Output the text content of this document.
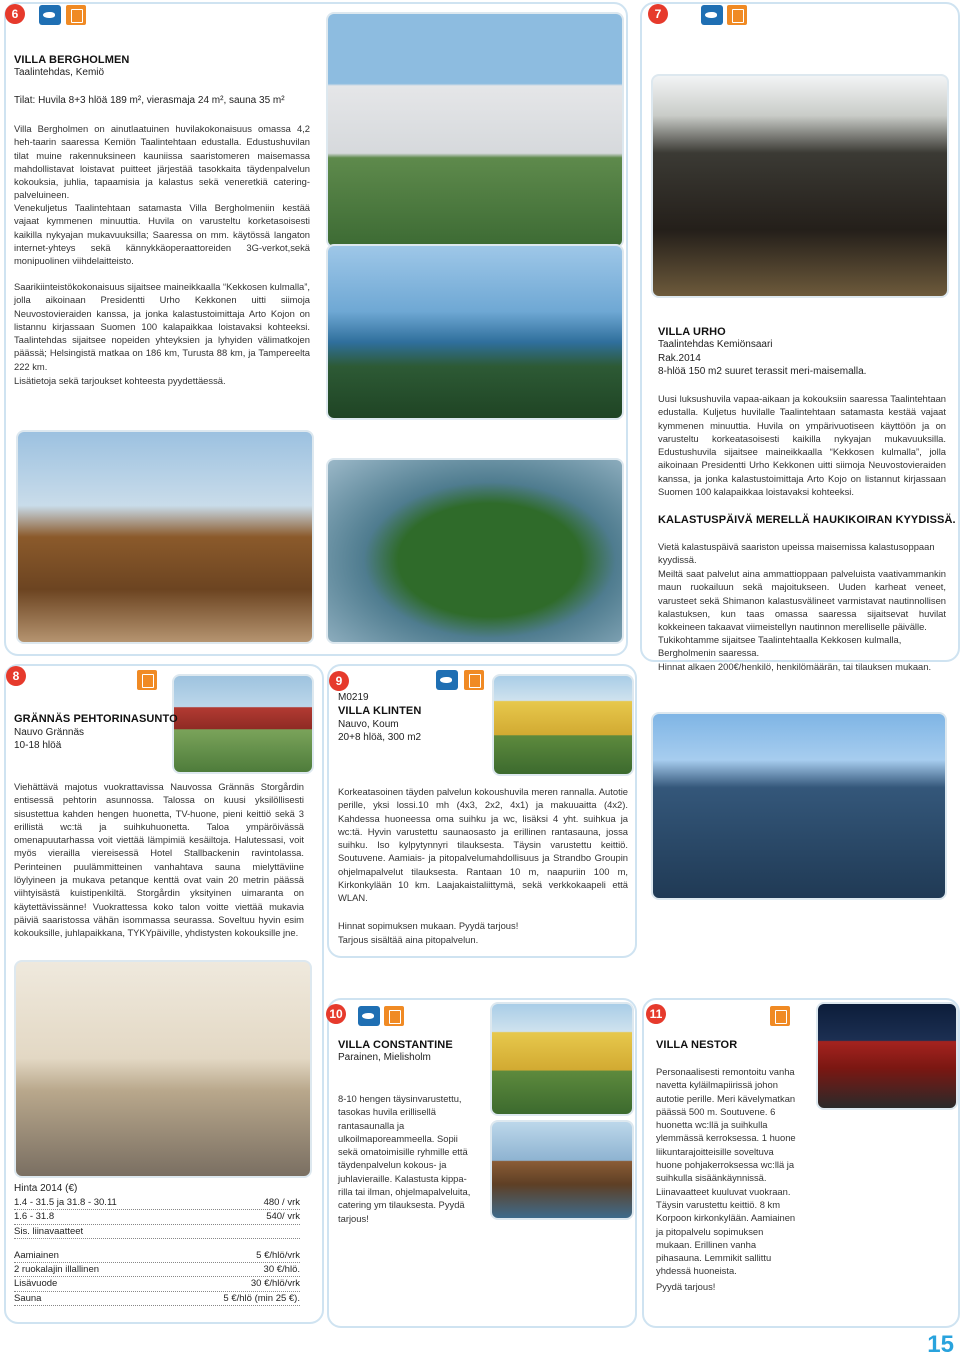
6
VILLA BERGHOLMEN
Taalintehdas, Kemiö
Tilat: Huvila 8+3 hlöä 189 m², vierasmaja 24 m², sauna 35 m²
Villa Bergholmen on ainutlaatuinen huvilakokonaisuus omassa 4,2 heh-taarin saaressa Kemiön Taalintehtaan edustalla. Edustushuvilan tilat muine rakennuksineen kauniissa saaristomeren maisemassa mahdollistavat loistavat puitteet järjestää tasokkaita täydenpalvelun kokouksia, juhlia, tapaamisia ja kalastus sekä veneretkiä catering-palveluineen.
Venekuljetus Taalintehtaan satamasta Villa Bergholmeniin kestää vajaat kymmenen minuuttia. Huvila on varusteltu korketasoisesti kaikilla nykyajan mukavuuksilla; Saaressa on mm. käytössä langaton internet-yhteys sekä kännykkäoperaattoreiden 3G-verkot,sekä monipuolinen viihdelaitteisto.
Saarikiinteistökokonaisuus sijaitsee maineikkaalla “Kekkosen kulmalla”, jolla aikoinaan Presidentti Urho Kekkonen uitti siimoja Neuvostovieraiden kanssa, ja jonka kalastustoimittaja Arto Kojon on listannu kirjassaan Suomen 100 kalapaikkaa loistavaksi kohteeksi. Taalintehdas sijaitsee nopeiden yhteyksien ja lyhyiden välimatkojen päässä; Helsingistä matkaa on 186 km, Turusta 88 km, ja Tampereelta 222 km.
Lisätietoja sekä tarjoukset kohteesta pyydettäessä.
7
VILLA URHO
Taalintehdas Kemiönsaari
Rak.2014
8-hlöä 150 m2 suuret terassit meri-maisemalla.
Uusi luksushuvila vapaa-aikaan ja kokouksiin saaressa Taalintehtaan edustalla. Kuljetus huvilalle Taalintehtaan satamasta kestää vajaat kymmenen minuuttia. Huvila on ympärivuotiseen käyttöön ja on varusteltu korkeatasoisesti kaikilla nykyajan mukavuuksilla. Edustushuvila sijaitsee maineikkaalla “Kekkosen kulmalla”, jolla aikoinaan Presidentti Urho Kekkonen uitti siimoja Neuvostovieraiden kanssa, ja jonka kalastustoimittaja Arto Kojo on listannut kirjassaan Suomen 100 kalapaikkaa loistavaksi kohteeksi.
KALASTUSPÄIVÄ MERELLÄ HAUKIKOIRAN KYYDISSÄ.
Vietä kalastuspäivä saariston upeissa maisemissa kalastusoppaan kyydissä.
Meiltä saat palvelut aina ammattioppaan palveluista vaativammankin maun ruokailuun sekä majoitukseen. Uuden karheat veneet, varusteet sekä Shimanon kalastusvälineet varmistavat nautinnollisen kalastuksen, kun taas omassa saaressa sijaitsevat huvilat kokkeineen takaavat viimeistellyn nautinnon merelliselle päivälle.
Tukikohtamme sijaitsee Taalintehtaalla Kekkosen kulmalla, Bergholmenin saaressa.
Hinnat alkaen 200€/henkilö, henkilömäärän, tai tilauksen mukaan.
8
GRÄNNÄS PEHTORINASUNTO
Nauvo Grännäs
10-18 hlöä
Viehättävä majotus vuokrattavissa Nauvossa Grännäs Storgårdin entisessä pehtorin asunnossa. Talossa on kuusi yksilöllisesti sisustettua kahden hengen huonetta, TV-huone, pieni keittiö sekä 3 erillistä wc:tä ja suihkuhuonetta. Taloa ympäröivässä omenapuutarhassa voit viettää lämpimiä kesäiltoja. Halutessasi, voit myös vierailla viereisessä Hotel Stallbackenin ravintolassa. Perinteinen puulämmitteinen vanhahtava sauna mielyttäviine löylyineen ja mukava petanque kenttä ovat vain 20 metrin päässä viihtyisästä kuistipenkiltä. Storgårdin yksityinen uimaranta on käytettävissänne! Vuokrattessa koko talon voitte viettää mukavia päiviä saaristossa vähän isommassa seurassa. Soveltuu hyvin esim kokouksille, juhlapaikkana, TYKYpäiville, yhdistysten kokouksille jne.
Hinta 2014 (€)
1.4 - 31.5 ja 31.8 - 30.11	480 / vrk
1.6 - 31.8	540/ vrk
Sis. liinavaatteet
Aamiainen	5 €/hlö/vrk
2 ruokalajin illallinen	30 €/hlö.
Lisävuode	30 €/hlö/vrk
Sauna	5 €/hlö (min 25 €).
9
M0219
VILLA KLINTEN
Nauvo, Koum
20+8 hlöä, 300 m2
Korkeatasoinen täyden palvelun kokoushuvila meren rannalla. Autotie perille, yksi lossi.10 mh (4x3, 2x2, 4x1) ja makuuaitta (4x2). Kahdessa huoneessa oma suihku ja wc, lisäksi 4 yht. suihkua ja wc:tä. Hyvin varustettu saunaosasto ja erillinen rantasauna, jossa suihku. Iso kylpytynnyri tilauksesta. Täysin varustettu keittiö. Soutuvene. Aamiais- ja pitopalvelumahdollisuus ja Strandbo Groupin ohjelmapalvelut tilauksesta. Rantaan 10 m, naapuriin 100 m, Kirkonkylään 10 km. Laajakaistaliittymä, sekä verkkokaapeli että WLAN.
Hinnat sopimuksen mukaan. Pyydä tarjous!
Tarjous sisältää aina pitopalvelun.
10
VILLA CONSTANTINE
Parainen, Mielisholm
8-10 hengen täysinvarustettu, tasokas huvila erillisellä rantasaunalla ja ulkoilmaporeammeella. Sopii sekä omatoimisille ryhmille että täydenpalvelun kokous- ja juhlavieraille. Kalastusta kippa-rilla tai ilman, ohjelmapalveluita, catering ym tilauksesta. Pyydä tarjous!
11
VILLA NESTOR
Personaalisesti remontoitu vanha navetta kyläilmapiirissä johon autotie perille. Meri kävelymatkan päässä 500 m. Soutuvene. 6 huonetta wc:llä ja suihkulla ylemmässä kerroksessa. 1 huone liikuntarajoitteisille soveltuva huone pohjakerroksessa wc:llä ja suihkulla sisäänkäynnissä. Liinavaatteet kuuluvat vuokraan. Täysin varustettu keittiö. 8 km Korpoon kirkonkylään. Aamiainen ja pitopalvelu sopimuksen mukaan. Erillinen vanha pihasauna. Lemmikit sallittu yhdessä huoneista.
Pyydä tarjous!
15
